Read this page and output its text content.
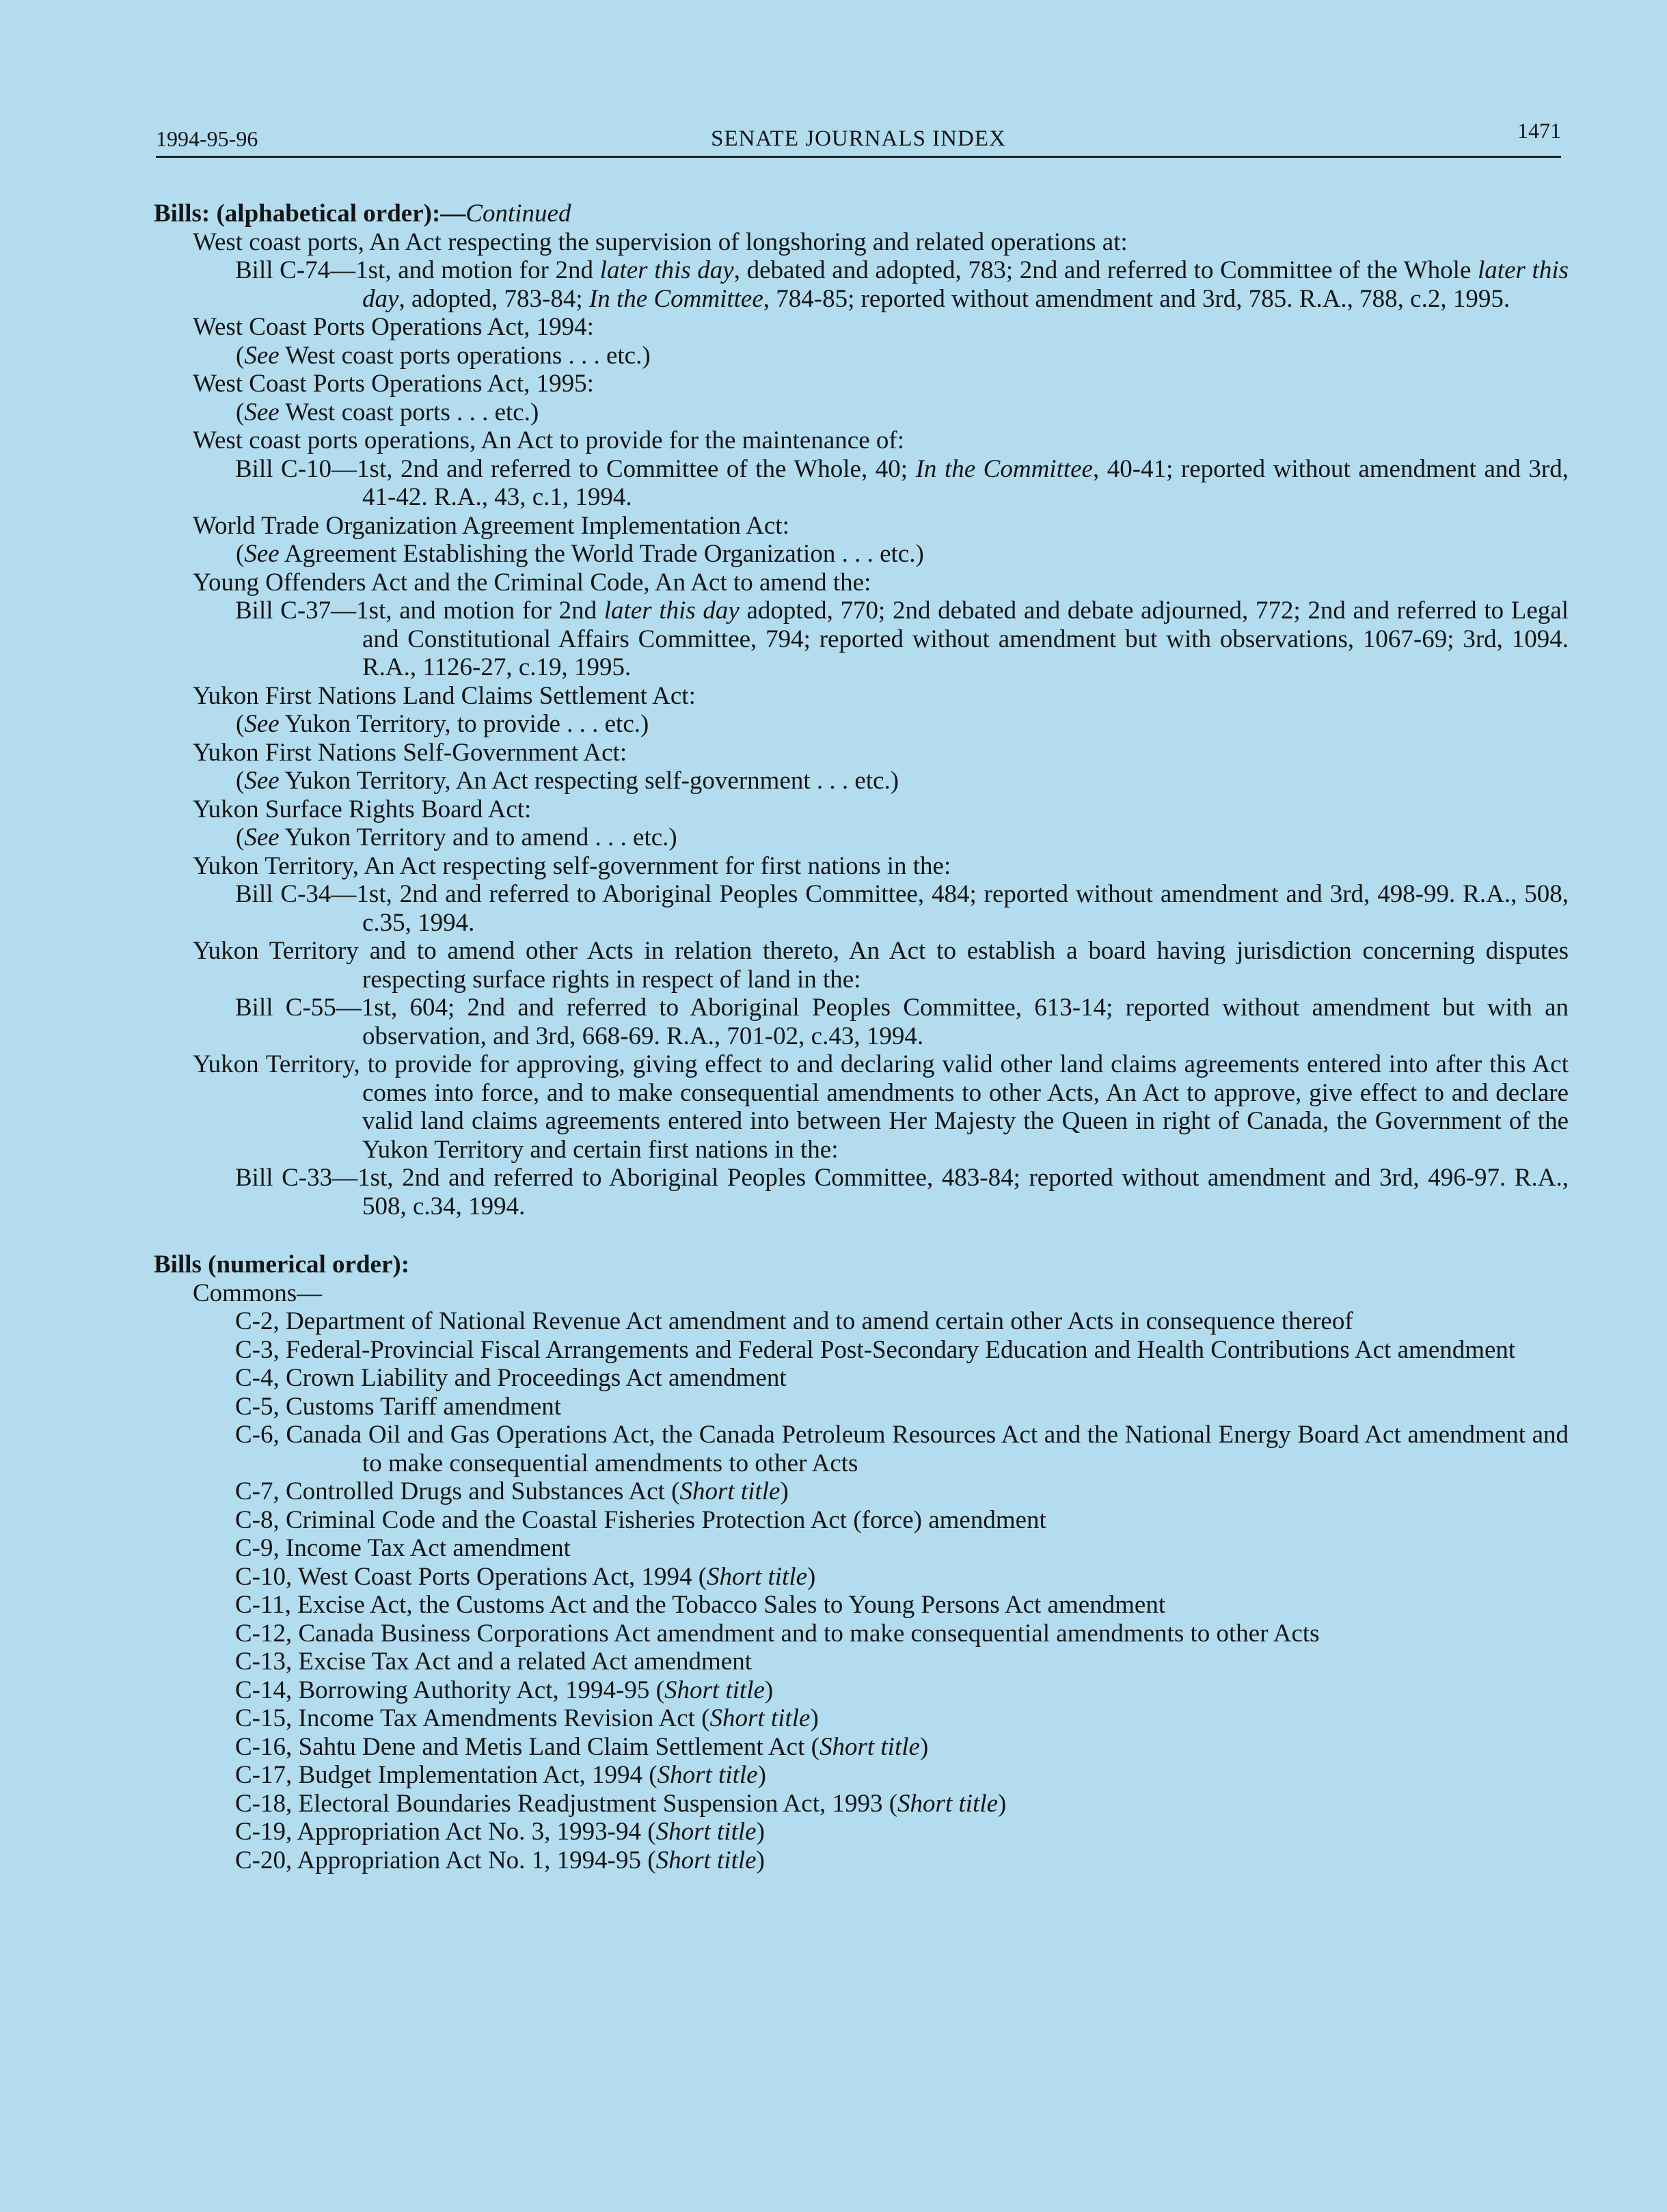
1994-95-96	SENATE JOURNALS INDEX	1471
Bills: (alphabetical order):—Continued
West coast ports, An Act respecting the supervision of longshoring and related operations at:
Bill C-74—1st, and motion for 2nd later this day, debated and adopted, 783; 2nd and referred to Committee of the Whole later this day, adopted, 783-84; In the Committee, 784-85; reported without amendment and 3rd, 785. R.A., 788, c.2, 1995.
West Coast Ports Operations Act, 1994:
(See West coast ports operations . . . etc.)
West Coast Ports Operations Act, 1995:
(See West coast ports . . . etc.)
West coast ports operations, An Act to provide for the maintenance of:
Bill C-10—1st, 2nd and referred to Committee of the Whole, 40; In the Committee, 40-41; reported without amendment and 3rd, 41-42. R.A., 43, c.1, 1994.
World Trade Organization Agreement Implementation Act:
(See Agreement Establishing the World Trade Organization . . . etc.)
Young Offenders Act and the Criminal Code, An Act to amend the:
Bill C-37—1st, and motion for 2nd later this day adopted, 770; 2nd debated and debate adjourned, 772; 2nd and referred to Legal and Constitutional Affairs Committee, 794; reported without amendment but with observations, 1067-69; 3rd, 1094. R.A., 1126-27, c.19, 1995.
Yukon First Nations Land Claims Settlement Act:
(See Yukon Territory, to provide . . . etc.)
Yukon First Nations Self-Government Act:
(See Yukon Territory, An Act respecting self-government . . . etc.)
Yukon Surface Rights Board Act:
(See Yukon Territory and to amend . . . etc.)
Yukon Territory, An Act respecting self-government for first nations in the:
Bill C-34—1st, 2nd and referred to Aboriginal Peoples Committee, 484; reported without amendment and 3rd, 498-99. R.A., 508, c.35, 1994.
Yukon Territory and to amend other Acts in relation thereto, An Act to establish a board having jurisdiction concerning disputes respecting surface rights in respect of land in the:
Bill C-55—1st, 604; 2nd and referred to Aboriginal Peoples Committee, 613-14; reported without amendment but with an observation, and 3rd, 668-69. R.A., 701-02, c.43, 1994.
Yukon Territory, to provide for approving, giving effect to and declaring valid other land claims agreements entered into after this Act comes into force, and to make consequential amendments to other Acts, An Act to approve, give effect to and declare valid land claims agreements entered into between Her Majesty the Queen in right of Canada, the Government of the Yukon Territory and certain first nations in the:
Bill C-33—1st, 2nd and referred to Aboriginal Peoples Committee, 483-84; reported without amendment and 3rd, 496-97. R.A., 508, c.34, 1994.
Bills (numerical order):
Commons—
C-2, Department of National Revenue Act amendment and to amend certain other Acts in consequence thereof
C-3, Federal-Provincial Fiscal Arrangements and Federal Post-Secondary Education and Health Contributions Act amendment
C-4, Crown Liability and Proceedings Act amendment
C-5, Customs Tariff amendment
C-6, Canada Oil and Gas Operations Act, the Canada Petroleum Resources Act and the National Energy Board Act amendment and to make consequential amendments to other Acts
C-7, Controlled Drugs and Substances Act (Short title)
C-8, Criminal Code and the Coastal Fisheries Protection Act (force) amendment
C-9, Income Tax Act amendment
C-10, West Coast Ports Operations Act, 1994 (Short title)
C-11, Excise Act, the Customs Act and the Tobacco Sales to Young Persons Act amendment
C-12, Canada Business Corporations Act amendment and to make consequential amendments to other Acts
C-13, Excise Tax Act and a related Act amendment
C-14, Borrowing Authority Act, 1994-95 (Short title)
C-15, Income Tax Amendments Revision Act (Short title)
C-16, Sahtu Dene and Metis Land Claim Settlement Act (Short title)
C-17, Budget Implementation Act, 1994 (Short title)
C-18, Electoral Boundaries Readjustment Suspension Act, 1993 (Short title)
C-19, Appropriation Act No. 3, 1993-94 (Short title)
C-20, Appropriation Act No. 1, 1994-95 (Short title)
